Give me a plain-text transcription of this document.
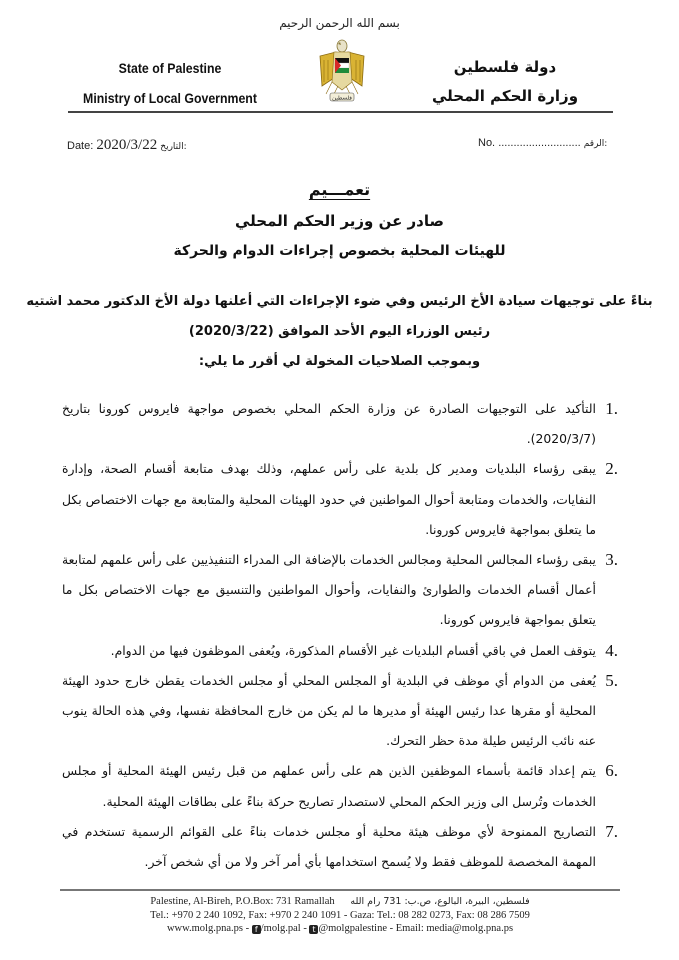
بسم الله الرحمن الرحيم
State of Palestine
Ministry of Local Government
دولة فلسطين
وزارة الحكم المحلي
فلسطين
Date: 2020/3/22 التاريخ:	No. ........................... الرقم:
تعمـــيم
صادر عن وزير الحكم المحلي
للهيئات المحلية بخصوص إجراءات الدوام والحركة
بناءً على توجيهات سيادة الأخ الرئيس وفي ضوء الإجراءات التي أعلنها دولة الأخ الدكتور محمد اشتيه
رئيس الوزراء اليوم الأحد الموافق (2020/3/22)
وبموجب الصلاحيات المخولة لي أقرر ما يلي:
1.
التأكيد على التوجيهات الصادرة عن وزارة الحكم المحلي بخصوص مواجهة فايروس كورونا بتاريخ (2020/3/7).
2.
يبقى رؤساء البلديات ومدير كل بلدية على رأس عملهم، وذلك بهدف متابعة أقسام الصحة، وإدارة النفايات، والخدمات ومتابعة أحوال المواطنين في حدود الهيئات المحلية والمتابعة مع جهات الاختصاص بكل ما يتعلق بمواجهة فايروس كورونا.
3.
يبقى رؤساء المجالس المحلية ومجالس الخدمات بالإضافة الى المدراء التنفيذيين على رأس علمهم لمتابعة أعمال أقسام الخدمات والطوارئ والنفايات، وأحوال المواطنين والتنسيق مع جهات الاختصاص بكل ما يتعلق بمواجهة فايروس كورونا.
4.
يتوقف العمل في باقي أقسام البلديات غير الأقسام المذكورة، ويُعفى الموظفون فيها من الدوام.
5.
يُعفى من الدوام أي موظف في البلدية أو المجلس المحلي أو مجلس الخدمات يقطن خارج حدود الهيئة المحلية أو مقرها عدا رئيس الهيئة أو مديرها ما لم يكن من خارج المحافظة نفسها، وفي هذه الحالة ينوب عنه نائب الرئيس طيلة مدة حظر التحرك.
6.
يتم إعداد قائمة بأسماء الموظفين الذين هم على رأس عملهم من قبل رئيس الهيئة المحلية أو مجلس الخدمات وتُرسل الى وزير الحكم المحلي لاستصدار تصاريح حركة بناءً على بطاقات الهيئة المحلية.
7.
التصاريح الممنوحة لأي موظف هيئة محلية أو مجلس خدمات بناءً على القوائم الرسمية تستخدم في المهمة المخصصة للموظف فقط ولا يُسمح استخدامها بأي أمر آخر ولا من أي شخص آخر.
Palestine, Al-Bireh, P.O.Box: 731 Ramallah فلسطين، البيرة، البالوع، ص.ب: 731 رام الله
Tel.: +970 2 240 1092, Fax: +970 2 240 1091 - Gaza: Tel.: 08 282 0273, Fax: 08 286 7509
www.molg.pna.ps - f /molg.pal - t @molgpalestine - Email: media@molg.pna.ps
